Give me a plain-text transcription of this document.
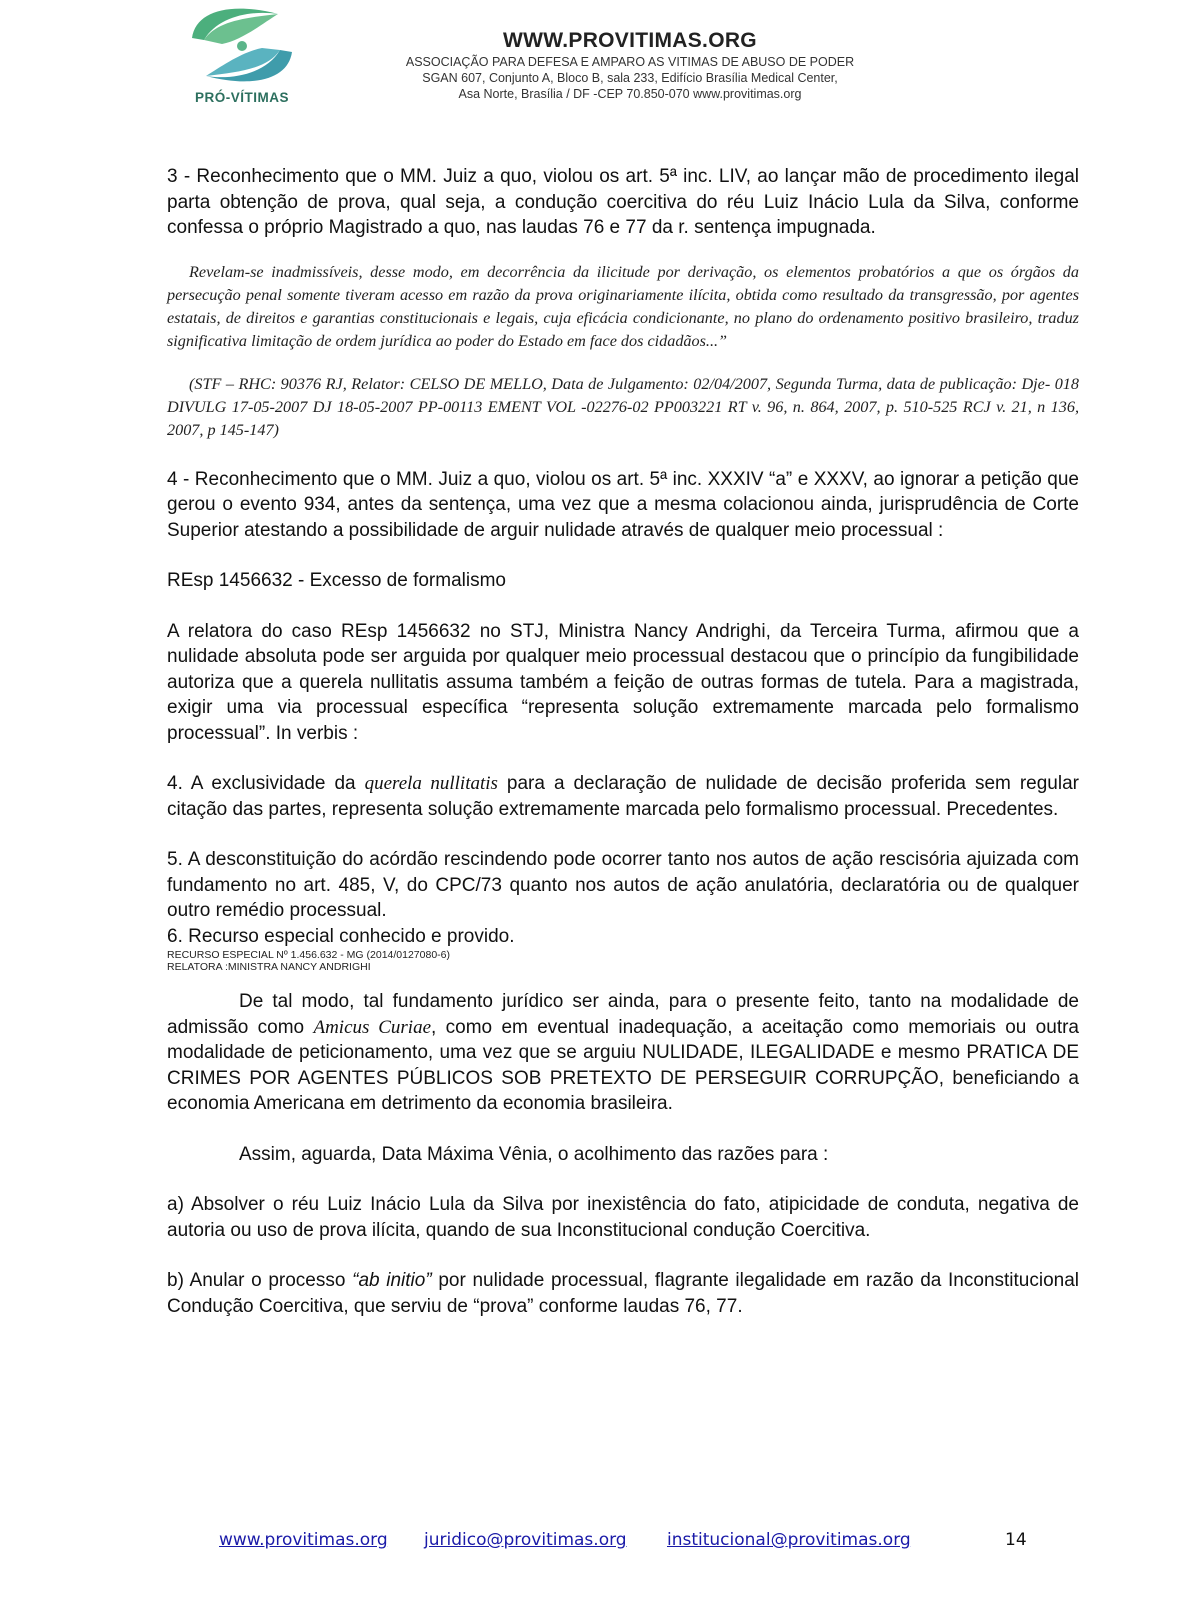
PRÓ-VÍTIMAS
WWW.PROVITIMAS.ORG
ASSOCIAÇÃO PARA DEFESA E AMPARO AS VITIMAS DE ABUSO DE PODER
SGAN 607, Conjunto A, Bloco B, sala 233, Edifício Brasília Medical Center,
Asa Norte, Brasília / DF -CEP 70.850-070 www.provitimas.org

3 - Reconhecimento que o MM. Juiz a quo, violou os art. 5ª inc. LIV, ao lançar mão de procedimento ilegal parta obtenção de prova, qual seja, a condução coercitiva do réu Luiz Inácio Lula da Silva, conforme confessa o próprio Magistrado a quo, nas laudas 76 e 77 da r. sentença impugnada.

Revelam-se inadmissíveis, desse modo, em decorrência da ilicitude por derivação, os elementos probatórios a que os órgãos da persecução penal somente tiveram acesso em razão da prova originariamente ilícita, obtida como resultado da transgressão, por agentes estatais, de direitos e garantias constitucionais e legais, cuja eficácia condicionante, no plano do ordenamento positivo brasileiro, traduz significativa limitação de ordem jurídica ao poder do Estado em face dos cidadãos...”

(STF – RHC: 90376 RJ, Relator: CELSO DE MELLO, Data de Julgamento: 02/04/2007, Segunda Turma, data de publicação: Dje- 018 DIVULG 17-05-2007 DJ 18-05-2007 PP-00113 EMENT VOL -02276-02 PP003221 RT v. 96, n. 864, 2007, p. 510-525 RCJ v. 21, n 136, 2007, p 145-147)

4 - Reconhecimento que o MM. Juiz a quo, violou os art. 5ª inc. XXXIV “a” e XXXV, ao ignorar a petição que gerou o evento 934, antes da sentença, uma vez que a mesma colacionou ainda, jurisprudência de Corte Superior atestando a possibilidade de arguir nulidade através de qualquer meio processual :

REsp 1456632 - Excesso de formalismo

A relatora do caso REsp 1456632 no STJ, Ministra Nancy Andrighi, da Terceira Turma, afirmou que a nulidade absoluta pode ser arguida por qualquer meio processual destacou que o princípio da fungibilidade autoriza que a querela nullitatis assuma também a feição de outras formas de tutela. Para a magistrada, exigir uma via processual específica “representa solução extremamente marcada pelo formalismo processual”. In verbis :

4. A exclusividade da querela nullitatis para a declaração de nulidade de decisão proferida sem regular citação das partes, representa solução extremamente marcada pelo formalismo processual. Precedentes.

5. A desconstituição do acórdão rescindendo pode ocorrer tanto nos autos de ação rescisória ajuizada com fundamento no art. 485, V, do CPC/73 quanto nos autos de ação anulatória, declaratória ou de qualquer outro remédio processual.

6. Recurso especial conhecido e provido.

RECURSO ESPECIAL Nº 1.456.632 - MG (2014/0127080-6)

RELATORA :MINISTRA NANCY ANDRIGHI

De tal modo, tal fundamento jurídico ser ainda, para o presente feito, tanto na modalidade de admissão como Amicus Curiae, como em eventual inadequação, a aceitação como memoriais ou outra modalidade de peticionamento, uma vez que se arguiu NULIDADE, ILEGALIDADE e mesmo PRATICA DE CRIMES POR AGENTES PÚBLICOS SOB PRETEXTO DE PERSEGUIR CORRUPÇÃO, beneficiando a economia Americana em detrimento da economia brasileira.

Assim, aguarda, Data Máxima Vênia, o acolhimento das razões para :

a) Absolver o réu Luiz Inácio Lula da Silva por inexistência do fato, atipicidade de conduta, negativa de autoria ou uso de prova ilícita, quando de sua Inconstitucional condução Coercitiva.

b) Anular o processo “ab initio” por nulidade processual, flagrante ilegalidade em razão da Inconstitucional Condução Coercitiva, que serviu de “prova” conforme laudas 76, 77.

www.provitimas.org juridico@provitimas.org institucional@provitimas.org	14
